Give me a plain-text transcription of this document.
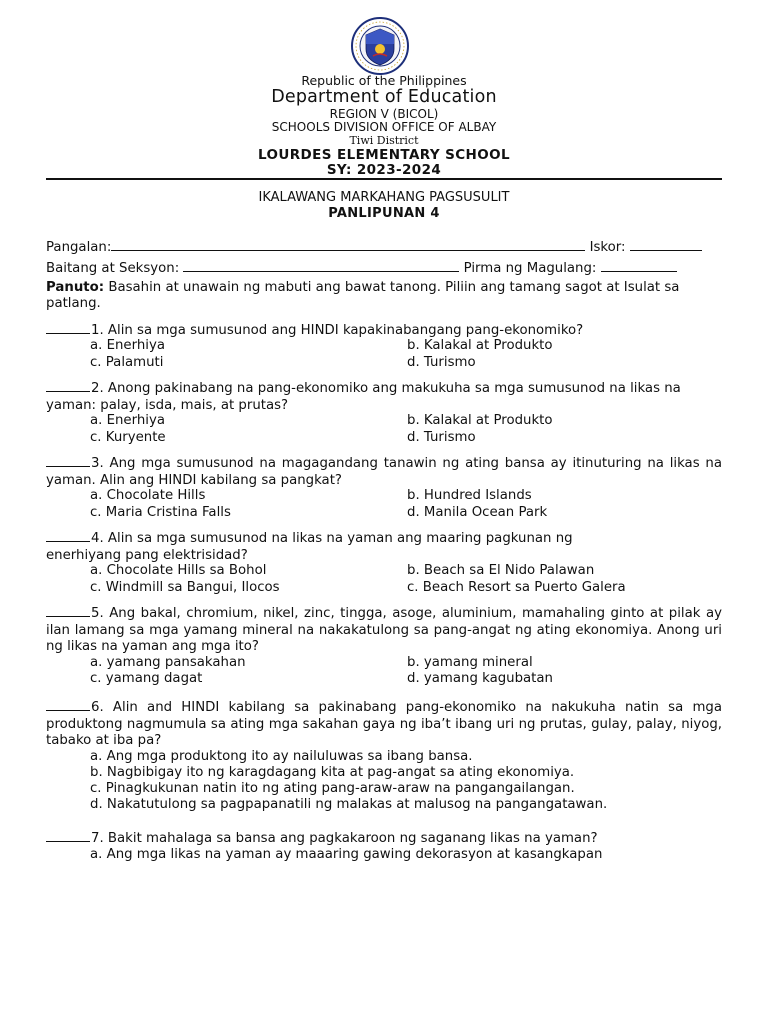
Republic of the Philippines
Department of Education
REGION V (BICOL)
SCHOOLS DIVISION OFFICE OF ALBAY
Tiwi District
LOURDES ELEMENTARY SCHOOL
SY: 2023-2024
IKALAWANG MARKAHANG PAGSUSULIT
PANLIPUNAN 4
Pangalan:	Iskor:
Baitang at Seksyon:	Pirma ng Magulang:
Panuto: Basahin at unawain ng mabuti ang bawat tanong. Piliin ang tamang sagot at Isulat sa patlang.
1. Alin sa mga sumusunod ang HINDI kapakinabangang pang-ekonomiko?
a. Enerhiya	b. Kalakal at Produkto
c. Palamuti	d. Turismo
2. Anong pakinabang na pang-ekonomiko ang makukuha sa mga sumusunod na likas na yaman: palay, isda, mais, at prutas?
a. Enerhiya	b. Kalakal at Produkto
c. Kuryente	d. Turismo
3. Ang mga sumusunod na magagandang tanawin ng ating bansa ay itinuturing na likas na yaman. Alin ang HINDI kabilang sa pangkat?
a. Chocolate Hills	b. Hundred Islands
c. Maria Cristina Falls	d. Manila Ocean Park
4. Alin sa mga sumusunod na likas na yaman ang maaring pagkunan ng enerhiyang pang elektrisidad?
a. Chocolate Hills sa Bohol	b. Beach sa El Nido Palawan
c. Windmill sa Bangui, Ilocos	c. Beach Resort sa Puerto Galera
5. Ang bakal, chromium, nikel, zinc, tingga, asoge, aluminium, mamahaling ginto at pilak ay ilan lamang sa mga yamang mineral na nakakatulong sa pang-angat ng ating ekonomiya. Anong uri ng likas na yaman ang mga ito?
a. yamang pansakahan	b. yamang mineral
c. yamang dagat	d. yamang kagubatan
6. Alin and HINDI kabilang sa pakinabang pang-ekonomiko na nakukuha natin sa mga produktong nagmumula sa ating mga sakahan gaya ng iba’t ibang uri ng prutas, gulay, palay, niyog, tabako at iba pa?
a. Ang mga produktong ito ay nailuluwas sa ibang bansa.
b. Nagbibigay ito ng karagdagang kita at pag-angat sa ating ekonomiya.
c. Pinagkukunan natin ito ng ating pang-araw-araw na pangangailangan.
d. Nakatutulong sa pagpapanatili ng malakas at malusog na pangangatawan.
7. Bakit mahalaga sa bansa ang pagkakaroon ng saganang likas na yaman?
a. Ang mga likas na yaman ay maaaring gawing dekorasyon at kasangkapan
